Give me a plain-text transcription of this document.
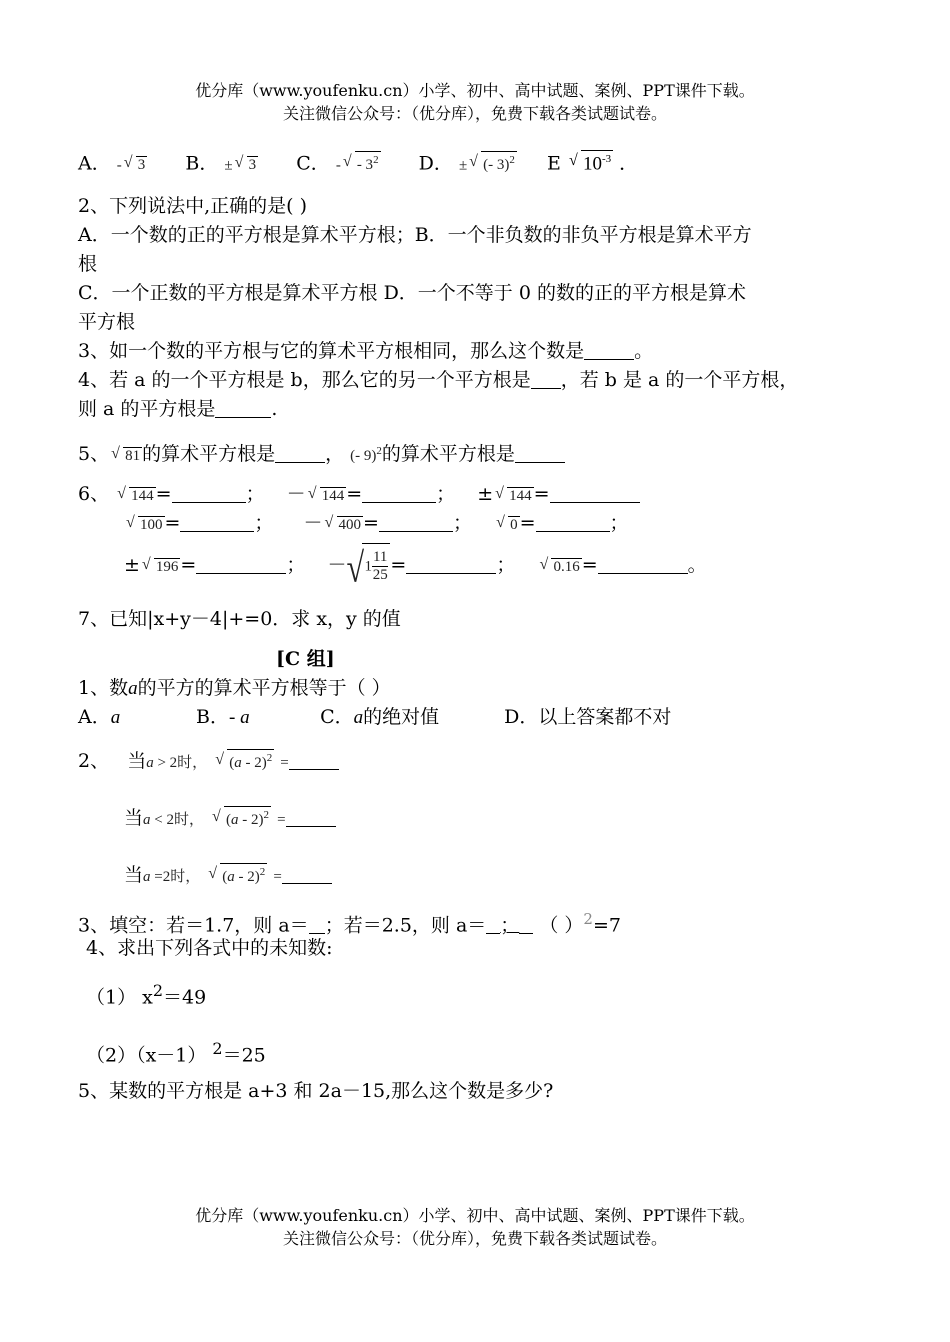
优分库（www.youfenku.cn）小学、初中、高中试题、案例、PPT课件下载。
关注微信公众号：（优分库），免费下载各类试题试卷。
A． - √ 3 B． ± √ 3 C． - √ - $3^2$ D． ± √ (- 3)$^2$ E √ $10^{-3}$ ．
2、下列说法中,正确的是( )
A．一个数的正的平方根是算术平方根；B．一个非负数的非负平方根是算术平方
根
C．一个正数的平方根是算术平方根 D．一个不等于 0 的数的正的平方根是算术
平方根
3、如一个数的平方根与它的算术平方根相同，那么这个数是	。
4、若 a 的一个平方根是 b，那么它的另一个平方根是 ，若 b 是 a 的一个平方根，
则 a 的平方根是	.
5、 √ 81 的算术平方根是	， (- 9)$^2$的算术平方根是
6、 √ 144 =	； － √ 144 =	； ± √ 144 =
√ 100 =	； － √ 400 =	；	√ 0 =	；
± √ 196 =	； － √ $1 \frac{11}{25}$ =	；	√ 0.16 =	。
7、已知|x+y－4|+=0．求 x，y 的值
[C 组]
1、数a的平方的算术平方根等于（ ）
A．a	B．- a	C．a的绝对值	D．以上答案都不对
2、 当a > 2时， √ (a - 2)$^2$ =
当a < 2时， √ (a - 2)$^2$ =
当a =2时， √ (a - 2)$^2$ =
3、填空：若＝1.7，则 a＝ ；若＝2.5，则 a＝ ； （ ）$^2$=7
4、求出下列各式中的未知数:
（1） $x^2=49$
（2）（x－1） $^2$＝25
5、某数的平方根是 a+3 和 2a－15,那么这个数是多少?
优分库（www.youfenku.cn）小学、初中、高中试题、案例、PPT课件下载。
关注微信公众号：（优分库），免费下载各类试题试卷。
